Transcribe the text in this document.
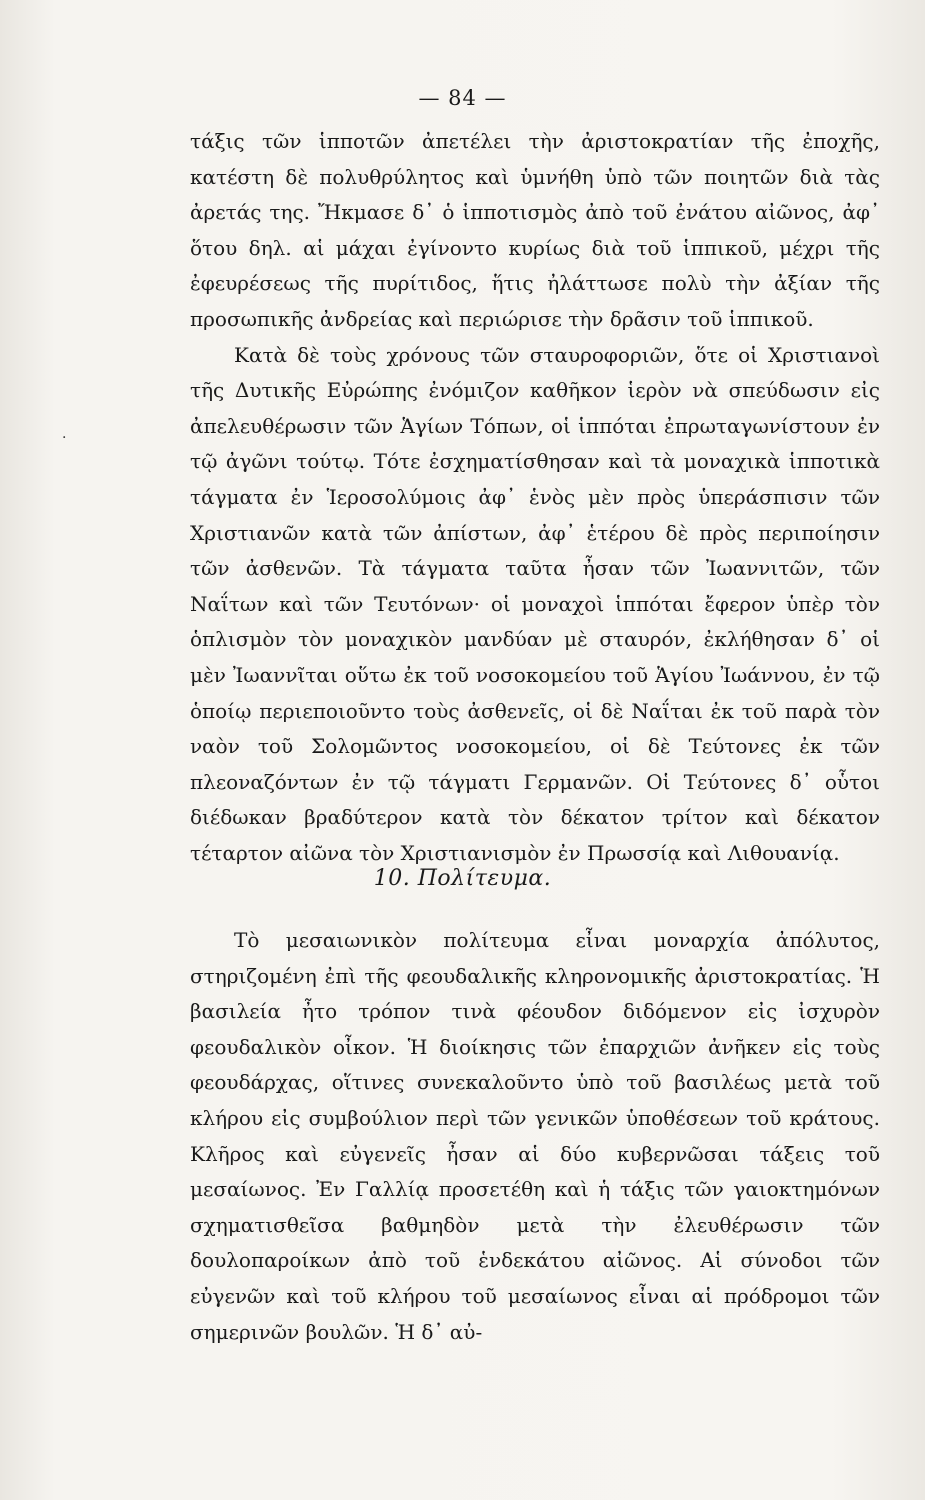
— 84 —
·

τάξις τῶν ἱπποτῶν ἀπετέλει τὴν ἀριστοκρατίαν τῆς ἐποχῆς, κατέστη δὲ πολυθρύλητος καὶ ὑμνήθη ὑπὸ τῶν ποιητῶν διὰ τὰς ἀρετάς της. Ἤκμασε δ᾽ ὁ ἱπποτισμὸς ἀπὸ τοῦ ἐνάτου αἰῶνος, ἀφ᾽ ὅτου δηλ. αἱ μάχαι ἐγίνοντο κυρίως διὰ τοῦ ἱππικοῦ, μέχρι τῆς ἐφευρέσεως τῆς πυρίτιδος, ἥτις ἠλάττωσε πολὺ τὴν ἀξίαν τῆς προσωπικῆς ἀνδρείας καὶ περιώρισε τὴν δρᾶσιν τοῦ ἱππικοῦ.

Κατὰ δὲ τοὺς χρόνους τῶν σταυροφοριῶν, ὅτε οἱ Χριστιανοὶ τῆς Δυτικῆς Εὐρώπης ἐνόμιζον καθῆκον ἱερὸν νὰ σπεύδωσιν εἰς ἀπελευθέρωσιν τῶν Ἁγίων Τόπων, οἱ ἱππόται ἐπρωταγωνίστουν ἐν τῷ ἀγῶνι τούτῳ. Τότε ἐσχηματίσθησαν καὶ τὰ μοναχικὰ ἱπποτικὰ τάγματα ἐν Ἱεροσολύμοις ἀφ᾽ ἑνὸς μὲν πρὸς ὑπεράσπισιν τῶν Χριστιανῶν κατὰ τῶν ἀπίστων, ἀφ᾽ ἑτέρου δὲ πρὸς περιποίησιν τῶν ἀσθενῶν. Τὰ τάγματα ταῦτα ἦσαν τῶν Ἰωαννιτῶν, τῶν Ναΐτων καὶ τῶν Τευτόνων· οἱ μοναχοὶ ἱππόται ἔφερον ὑπὲρ τὸν ὁπλισμὸν τὸν μοναχικὸν μανδύαν μὲ σταυρόν, ἐκλήθησαν δ᾽ οἱ μὲν Ἰωαννῖται οὕτω ἐκ τοῦ νοσοκομείου τοῦ Ἁγίου Ἰωάννου, ἐν τῷ ὁποίῳ περιεποιοῦντο τοὺς ἀσθενεῖς, οἱ δὲ Ναΐται ἐκ τοῦ παρὰ τὸν ναὸν τοῦ Σολομῶντος νοσοκομείου, οἱ δὲ Τεύτονες ἐκ τῶν πλεοναζόντων ἐν τῷ τάγματι Γερμανῶν. Οἱ Τεύτονες δ᾽ οὗτοι διέδωκαν βραδύτερον κατὰ τὸν δέκατον τρίτον καὶ δέκατον τέταρτον αἰῶνα τὸν Χριστιανισμὸν ἐν Πρωσσίᾳ καὶ Λιθουανίᾳ.

10. Πολίτευμα.

Τὸ μεσαιωνικὸν πολίτευμα εἶναι μοναρχία ἀπόλυτος, στηριζομένη ἐπὶ τῆς φεουδαλικῆς κληρονομικῆς ἀριστοκρατίας. Ἡ βασιλεία ἦτο τρόπον τινὰ φέουδον διδόμενον εἰς ἰσχυρὸν φεουδαλικὸν οἶκον. Ἡ διοίκησις τῶν ἐπαρχιῶν ἀνῆκεν εἰς τοὺς φεουδάρχας, οἵτινες συνεκαλοῦντο ὑπὸ τοῦ βασιλέως μετὰ τοῦ κλήρου εἰς συμβούλιον περὶ τῶν γενικῶν ὑποθέσεων τοῦ κράτους. Κλῆρος καὶ εὐγενεῖς ἦσαν αἱ δύο κυβερνῶσαι τάξεις τοῦ μεσαίωνος. Ἐν Γαλλίᾳ προσετέθη καὶ ἡ τάξις τῶν γαιοκτημόνων σχηματισθεῖσα βαθμηδὸν μετὰ τὴν ἐλευθέρωσιν τῶν δουλοπαροίκων ἀπὸ τοῦ ἑνδεκάτου αἰῶνος. Αἱ σύνοδοι τῶν εὐγενῶν καὶ τοῦ κλήρου τοῦ μεσαίωνος εἶναι αἱ πρόδρομοι τῶν σημερινῶν βουλῶν. Ἡ δ᾽ αὐ-
